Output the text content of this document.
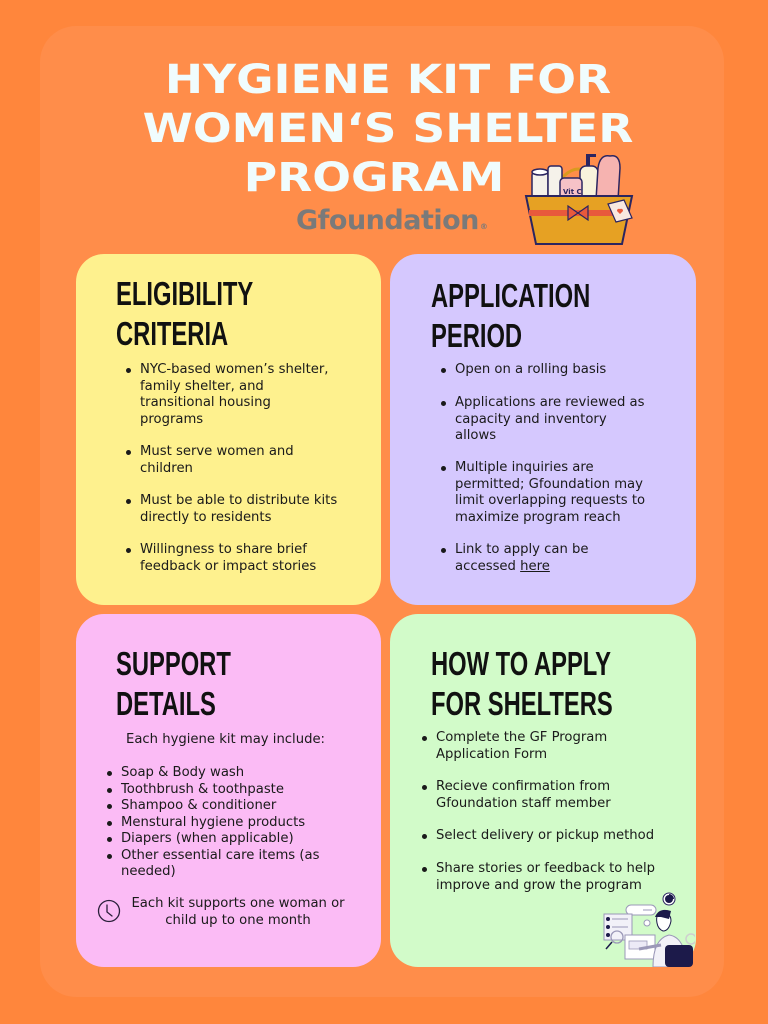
HYGIENE KIT FOR
WOMEN‘S SHELTER
PROGRAM
Gfoundation®
Vit C
ELIGIBILITY
CRITERIA
NYC-based women’s shelter,
family shelter, and
transitional housing
programs
Must serve women and
children
Must be able to distribute kits
directly to residents
Willingness to share brief
feedback or impact stories
APPLICATION
PERIOD
Open on a rolling basis
Applications are reviewed as
capacity and inventory
allows
Multiple inquiries are
permitted; Gfoundation may
limit overlapping requests to
maximize program reach
Link to apply can be
accessed here
SUPPORT
DETAILS
Each hygiene kit may include:
Soap & Body wash
Toothbrush & toothpaste
Shampoo & conditioner
Menstural hygiene products
Diapers (when applicable)
Other essential care items (as
needed)
Each kit supports one woman or
child up to one month
HOW TO APPLY
FOR SHELTERS
Complete the GF Program
Application Form
Recieve confirmation from
Gfoundation staff member
Select delivery or pickup method
Share stories or feedback to help
improve and grow the program
